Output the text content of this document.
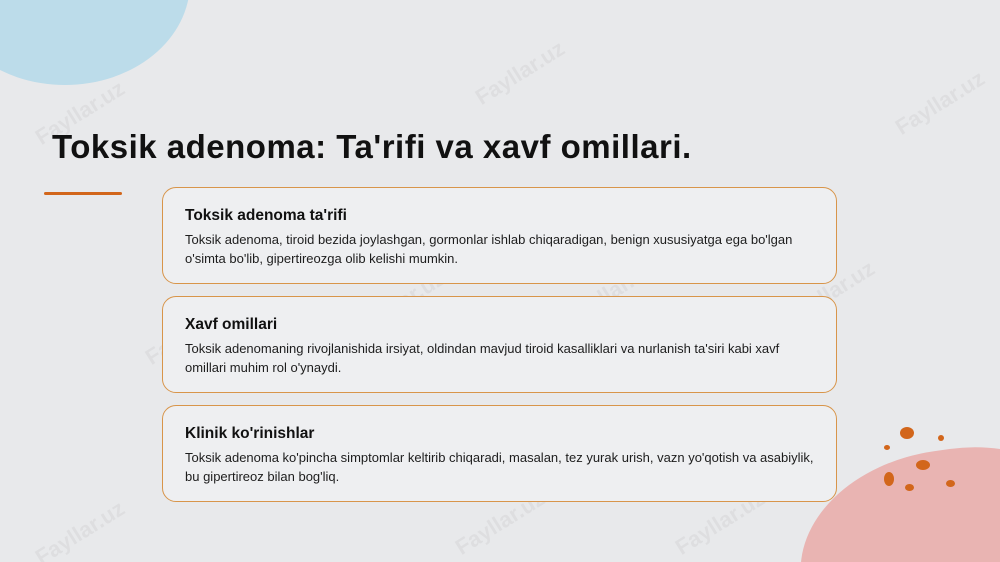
Toksik adenoma: Ta'rifi va xavf omillari.

Toksik adenoma ta'rifi

Toksik adenoma, tiroid bezida joylashgan, gormonlar ishlab chiqaradigan, benign xususiyatga ega bo'lgan o'simta bo'lib, gipertireozga olib kelishi mumkin.

Xavf omillari

Toksik adenomaning rivojlanishida irsiyat, oldindan mavjud tiroid kasalliklari va nurlanish ta'siri kabi xavf omillari muhim rol o'ynaydi.

Klinik ko'rinishlar

Toksik adenoma ko'pincha simptomlar keltirib chiqaradi, masalan, tez yurak urish, vazn yo'qotish va asabiylik, bu gipertireoz bilan bog'liq.
